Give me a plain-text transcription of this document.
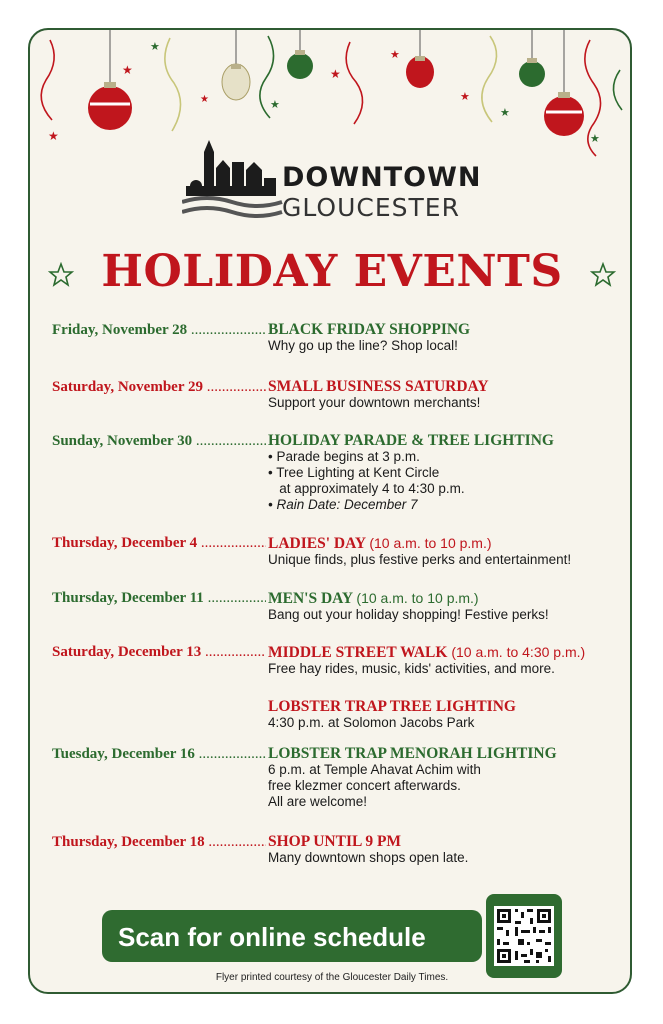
★	★
★
★
★
★
★
★
★
★
DOWNTOWN
GLOUCESTER
HOLIDAY EVENTS
Friday, November 28 .....	BLACK FRIDAY SHOPPING
Why go up the line? Shop local!
Saturday, November 29 .....	SMALL BUSINESS SATURDAY
Support your downtown merchants!
Sunday, November 30 .....	HOLIDAY PARADE & TREE LIGHTING
• Parade begins at 3 p.m.
• Tree Lighting at Kent Circle
at approximately 4 to 4:30 p.m.
• Rain Date: December 7
Thursday, December 4 .....	LADIES' DAY (10 a.m. to 10 p.m.)
Unique finds, plus festive perks and entertainment!
Thursday, December 11 .....	MEN'S DAY (10 a.m. to 10 p.m.)
Bang out your holiday shopping! Festive perks!
Saturday, December 13 .....	MIDDLE STREET WALK (10 a.m. to 4:30 p.m.)
Free hay rides, music, kids' activities, and more.
LOBSTER TRAP TREE LIGHTING
4:30 p.m. at Solomon Jacobs Park
Tuesday, December 16 .....	LOBSTER TRAP MENORAH LIGHTING
6 p.m. at Temple Ahavat Achim with
free klezmer concert afterwards.
All are welcome!
Thursday, December 18 .....	SHOP UNTIL 9 PM
Many downtown shops open late.
Scan for online schedule
Flyer printed courtesy of the Gloucester Daily Times.
